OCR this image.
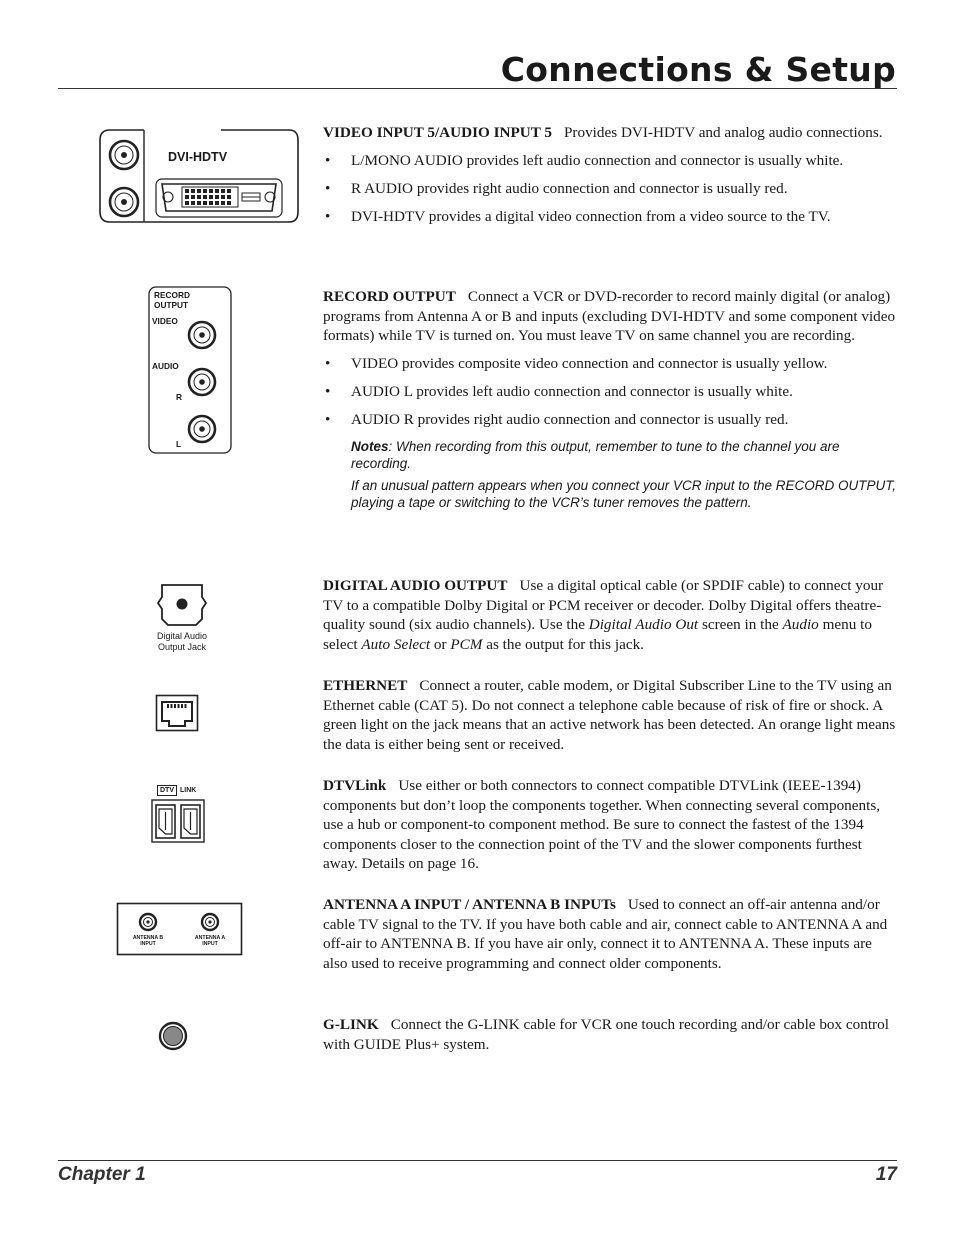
Connections & Setup
DVI-HDTV
RECORD
OUTPUT
VIDEO
AUDIO
R
L
Digital Audio
Output Jack
DTV LINK
ANTENNA B
INPUT
ANTENNA A
INPUT

VIDEO INPUT 5/AUDIO INPUT 5 Provides DVI-HDTV and analog audio connections.

• L/MONO AUDIO provides left audio connection and connector is usually white.
• R AUDIO provides right audio connection and connector is usually red.
• DVI-HDTV provides a digital video connection from a video source to the TV.

RECORD OUTPUT Connect a VCR or DVD-recorder to record mainly digital (or analog) programs from Antenna A or B and inputs (excluding DVI-HDTV and some component video formats) while TV is turned on. You must leave TV on same channel you are recording.

• VIDEO provides composite video connection and connector is usually yellow.
• AUDIO L provides left audio connection and connector is usually white.
• AUDIO R provides right audio connection and connector is usually red.

Notes: When recording from this output, remember to tune to the channel you are recording.

If an unusual pattern appears when you connect your VCR input to the RECORD OUTPUT, playing a tape or switching to the VCR’s tuner removes the pattern.

DIGITAL AUDIO OUTPUT Use a digital optical cable (or SPDIF cable) to connect your TV to a compatible Dolby Digital or PCM receiver or decoder. Dolby Digital offers theatre-quality sound (six audio channels). Use the Digital Audio Out screen in the Audio menu to select Auto Select or PCM as the output for this jack.

ETHERNET Connect a router, cable modem, or Digital Subscriber Line to the TV using an Ethernet cable (CAT 5). Do not connect a telephone cable because of risk of fire or shock. A green light on the jack means that an active network has been detected. An orange light means the data is either being sent or received.

DTVLink Use either or both connectors to connect compatible DTVLink (IEEE-1394) components but don’t loop the components together. When connecting several components, use a hub or component-to component method. Be sure to connect the fastest of the 1394 components closer to the connection point of the TV and the slower components furthest away. Details on page 16.

ANTENNA A INPUT / ANTENNA B INPUTs Used to connect an off-air antenna and/or cable TV signal to the TV. If you have both cable and air, connect cable to ANTENNA A and off-air to ANTENNA B. If you have air only, connect it to ANTENNA A. These inputs are also used to receive programming and connect older components.

G-LINK Connect the G-LINK cable for VCR one touch recording and/or cable box control with GUIDE Plus+ system.

Chapter 1	17
